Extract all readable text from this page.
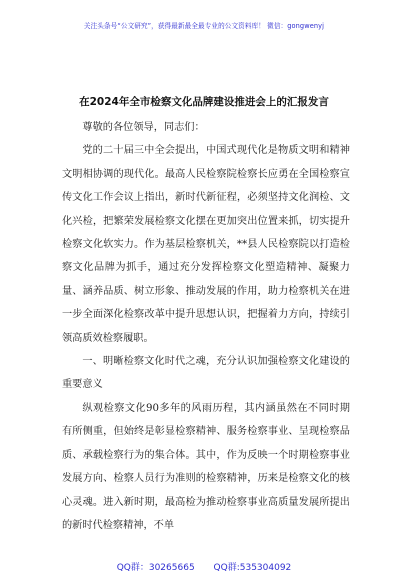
关注头条号“公文研究”，获得最新最全最专业的公文资料库！ 微信：gongwenyj
在2024年全市检察文化品牌建设推进会上的汇报发言

尊敬的各位领导，同志们：

党的二十届三中全会提出，中国式现代化是物质文明和精神文明相协调的现代化。最高人民检察院检察长应勇在全国检察宣传文化工作会议上指出，新时代新征程，必须坚持文化润检、文化兴检，把繁荣发展检察文化摆在更加突出位置来抓，切实提升检察文化软实力。作为基层检察机关，**县人民检察院以打造检察文化品牌为抓手，通过充分发挥检察文化塑造精神、凝聚力量、涵养品质、树立形象、推动发展的作用，助力检察机关在进一步全面深化检察改革中提升思想认识，把握着力方向，持续引领高质效检察履职。

一、明晰检察文化时代之魂，充分认识加强检察文化建设的重要意义

纵观检察文化90多年的风雨历程，其内涵虽然在不同时期有所侧重，但始终是彰显检察精神、服务检察事业、呈现检察品质、承载检察行为的集合体。其中，作为反映一个时期检察事业发展方向、检察人员行为准则的检察精神，历来是检察文化的核心灵魂。进入新时期，最高检为推动检察事业高质量发展所提出的新时代检察精神，不单

QQ群：30265665 QQ群:535304092
